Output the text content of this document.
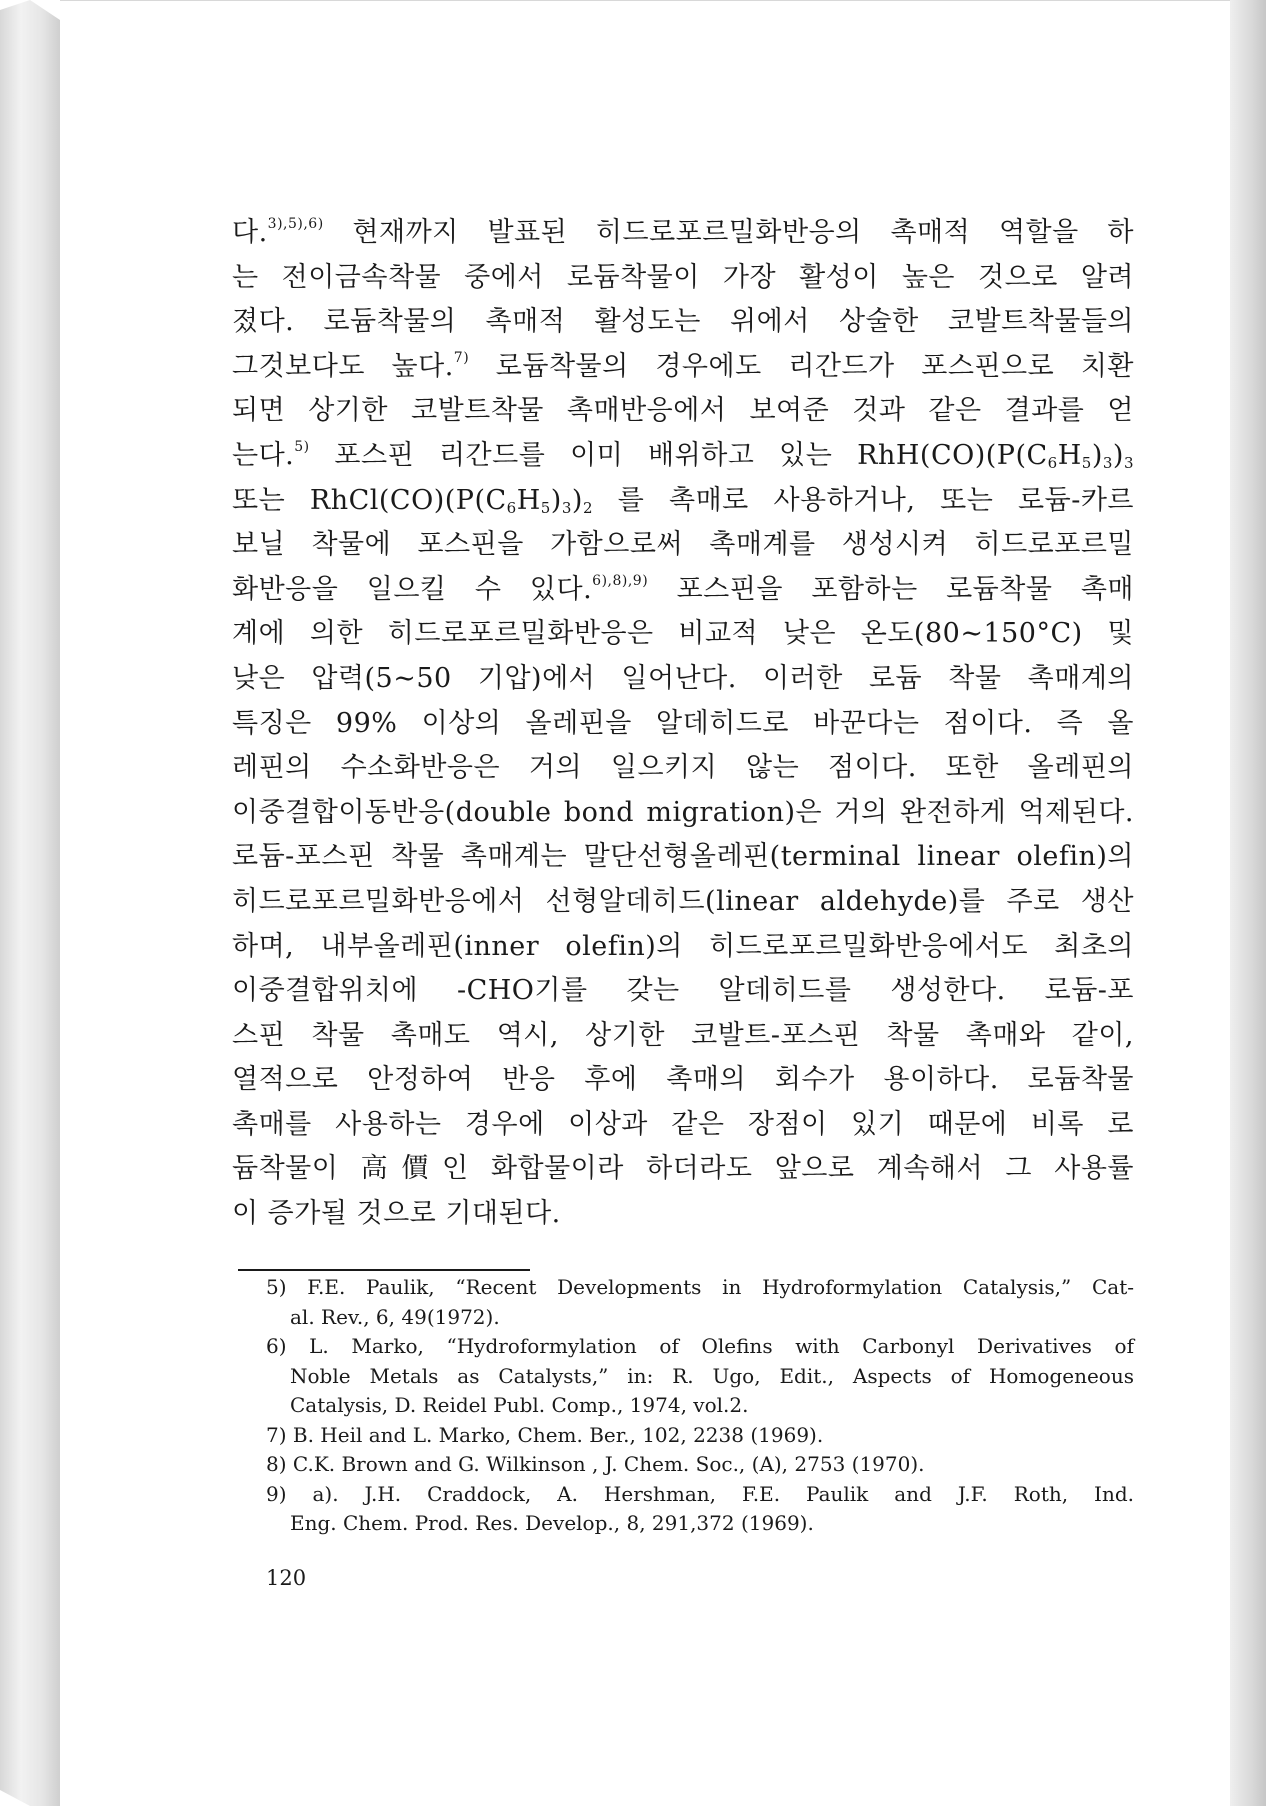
다.$^{3),5),6)}$ 현재까지 발표된 히드로포르밀화반응의 촉매적 역할을 하
는 전이금속착물 중에서 로듐착물이 가장 활성이 높은 것으로 알려
졌다. 로듐착물의 촉매적 활성도는 위에서 상술한 코발트착물들의
그것보다도 높다.$^{7)}$ 로듐착물의 경우에도 리간드가 포스핀으로 치환
되면 상기한 코발트착물 촉매반응에서 보여준 것과 같은 결과를 얻
는다.$^{5)}$ 포스핀 리간드를 이미 배위하고 있는 $RhH(CO)(P(C_6H_5)_3)_3$
또는 $RhCl(CO)(P(C_6H_5)_3)_2$ 를 촉매로 사용하거나, 또는 로듐-카르
보닐 착물에 포스핀을 가함으로써 촉매계를 생성시켜 히드로포르밀
화반응을 일으킬 수 있다.$^{6),8),9)}$ 포스핀을 포함하는 로듐착물 촉매
계에 의한 히드로포르밀화반응은 비교적 낮은 온도(80∼150°C) 및
낮은 압력(5∼50 기압)에서 일어난다. 이러한 로듐 착물 촉매계의
특징은 99% 이상의 올레핀을 알데히드로 바꾼다는 점이다. 즉 올
레핀의 수소화반응은 거의 일으키지 않는 점이다. 또한 올레핀의
이중결합이동반응(double bond migration)은 거의 완전하게 억제된다.
로듐-포스핀 착물 촉매계는 말단선형올레핀(terminal linear olefin)의
히드로포르밀화반응에서 선형알데히드(linear aldehyde)를 주로 생산
하며, 내부올레핀(inner olefin)의 히드로포르밀화반응에서도 최초의
이중결합위치에 -CHO기를 갖는 알데히드를 생성한다. 로듐-포
스핀 착물 촉매도 역시, 상기한 코발트-포스핀 착물 촉매와 같이,
열적으로 안정하여 반응 후에 촉매의 회수가 용이하다. 로듐착물
촉매를 사용하는 경우에 이상과 같은 장점이 있기 때문에 비록 로
듐착물이 高價인 화합물이라 하더라도 앞으로 계속해서 그 사용률
이 증가될 것으로 기대된다.
5) F.E. Paulik, “Recent Developments in Hydroformylation Catalysis,” Cat-
al. Rev., 6, 49(1972).
6) L. Marko, “Hydroformylation of Olefins with Carbonyl Derivatives of
Noble Metals as Catalysts,” in: R. Ugo, Edit., Aspects of Homogeneous
Catalysis, D. Reidel Publ. Comp., 1974, vol.2.
7) B. Heil and L. Marko, Chem. Ber., 102, 2238 (1969).
8) C.K. Brown and G. Wilkinson , J. Chem. Soc., (A), 2753 (1970).
9) a). J.H. Craddock, A. Hershman, F.E. Paulik and J.F. Roth, Ind.
Eng. Chem. Prod. Res. Develop., 8, 291,372 (1969).
120
